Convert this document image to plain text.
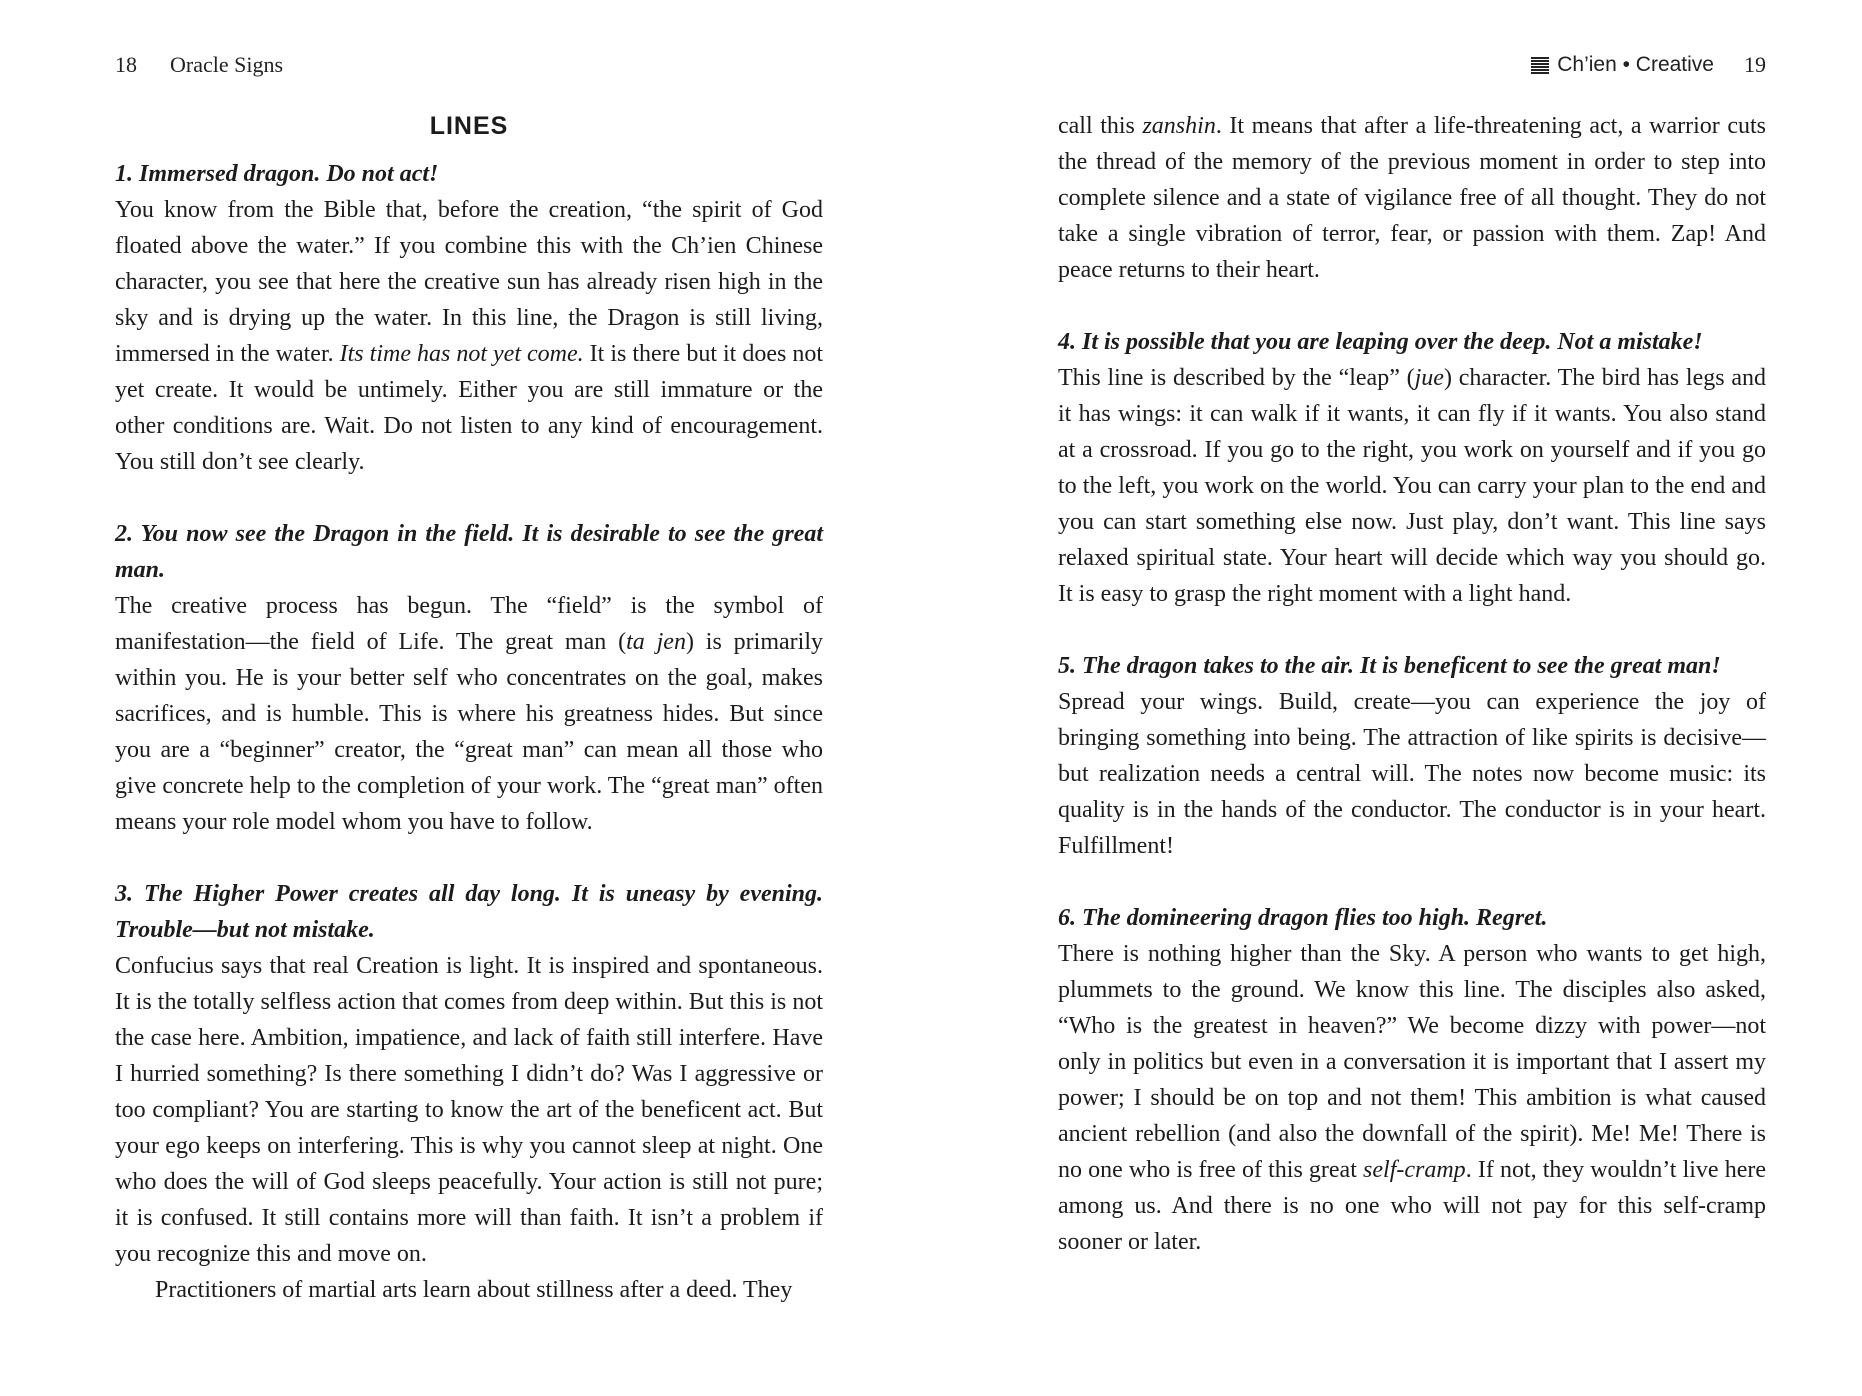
18 Oracle Signs
LINES

1. Immersed dragon. Do not act!

You know from the Bible that, before the creation, “the spirit of God floated above the water.” If you combine this with the Ch’ien Chinese character, you see that here the creative sun has already risen high in the sky and is drying up the water. In this line, the Dragon is still living, immersed in the water. Its time has not yet come. It is there but it does not yet create. It would be untimely. Either you are still immature or the other conditions are. Wait. Do not listen to any kind of encouragement. You still don’t see clearly.

2. You now see the Dragon in the field. It is desirable to see the great man.

The creative process has begun. The “field” is the symbol of manifestation—the field of Life. The great man (ta jen) is primarily within you. He is your better self who concentrates on the goal, makes sacrifices, and is humble. This is where his greatness hides. But since you are a “beginner” creator, the “great man” can mean all those who give concrete help to the completion of your work. The “great man” often means your role model whom you have to follow.

3. The Higher Power creates all day long. It is uneasy by evening. Trouble—but not mistake.

Confucius says that real Creation is light. It is inspired and spontaneous. It is the totally selfless action that comes from deep within. But this is not the case here. Ambition, impatience, and lack of faith still interfere. Have I hurried something? Is there something I didn’t do? Was I aggressive or too compliant? You are starting to know the art of the beneficent act. But your ego keeps on interfering. This is why you cannot sleep at night. One who does the will of God sleeps peacefully. Your action is still not pure; it is confused. It still contains more will than faith. It isn’t a problem if you recognize this and move on.

Practitioners of martial arts learn about stillness after a deed. They

Ch’ien • Creative 19

call this zanshin. It means that after a life-threatening act, a warrior cuts the thread of the memory of the previous moment in order to step into complete silence and a state of vigilance free of all thought. They do not take a single vibration of terror, fear, or passion with them. Zap! And peace returns to their heart.

4. It is possible that you are leaping over the deep. Not a mistake!

This line is described by the “leap” (jue) character. The bird has legs and it has wings: it can walk if it wants, it can fly if it wants. You also stand at a crossroad. If you go to the right, you work on yourself and if you go to the left, you work on the world. You can carry your plan to the end and you can start something else now. Just play, don’t want. This line says relaxed spiritual state. Your heart will decide which way you should go. It is easy to grasp the right moment with a light hand.

5. The dragon takes to the air. It is beneficent to see the great man!

Spread your wings. Build, create—you can experience the joy of bringing something into being. The attraction of like spirits is decisive—but realization needs a central will. The notes now become music: its quality is in the hands of the conductor. The conductor is in your heart. Fulfillment!

6. The domineering dragon flies too high. Regret.

There is nothing higher than the Sky. A person who wants to get high, plummets to the ground. We know this line. The disciples also asked, “Who is the greatest in heaven?” We become dizzy with power—not only in politics but even in a conversation it is important that I assert my power; I should be on top and not them! This ambition is what caused ancient rebellion (and also the downfall of the spirit). Me! Me! There is no one who is free of this great self-cramp. If not, they wouldn’t live here among us. And there is no one who will not pay for this self-cramp sooner or later.
